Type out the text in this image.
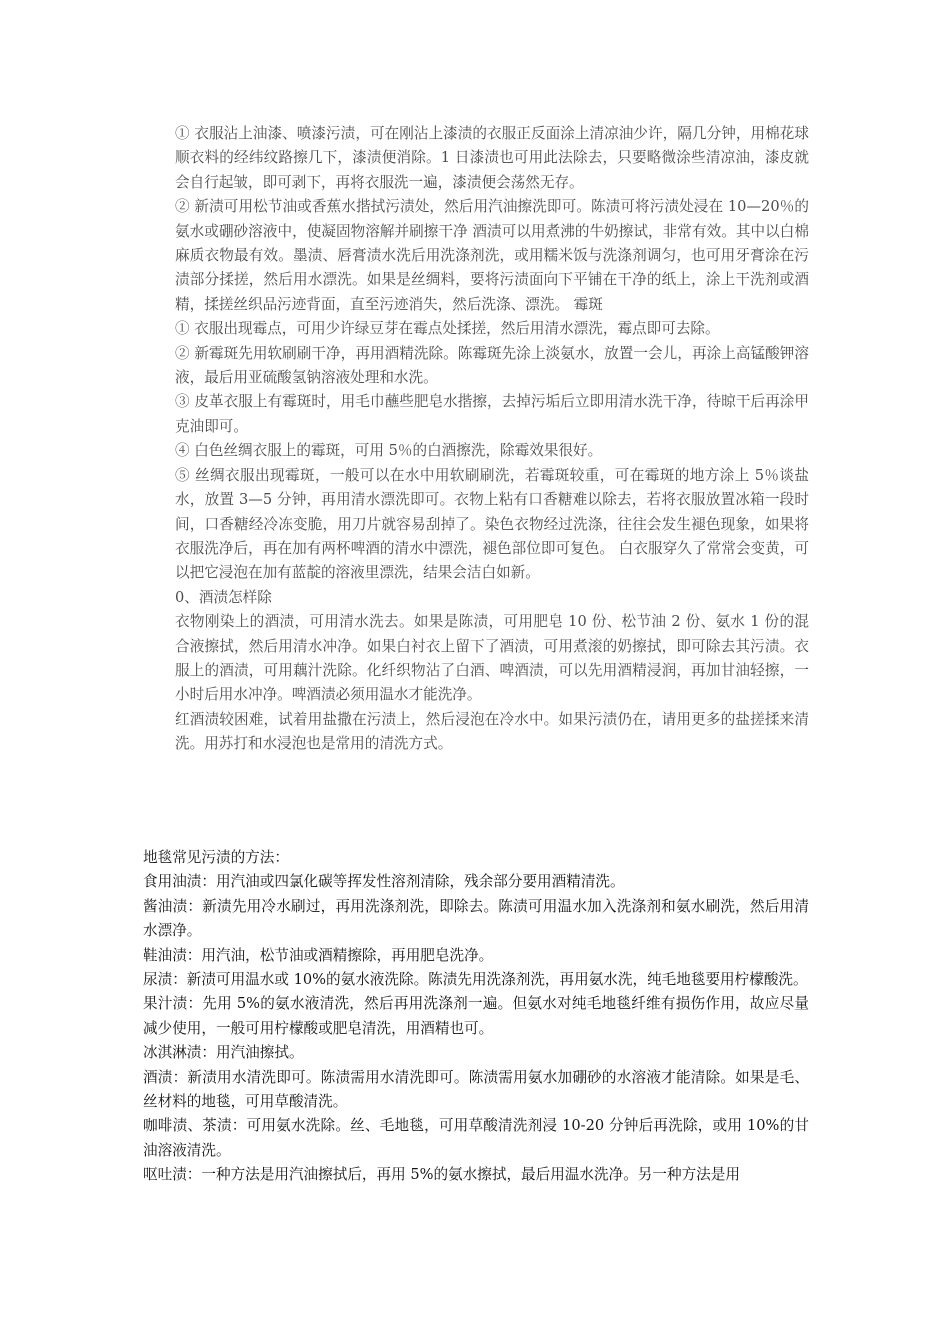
① 衣服沾上油漆、喷漆污渍，可在刚沾上漆渍的衣服正反面涂上清凉油少许，隔几分钟，用棉花球顺衣料的经纬纹路擦几下，漆渍便消除。1 日漆渍也可用此法除去，只要略微涂些清凉油，漆皮就会自行起皱，即可剥下，再将衣服洗一遍，漆渍便会荡然无存。

② 新渍可用松节油或香蕉水揩拭污渍处，然后用汽油擦洗即可。陈渍可将污渍处浸在 10—20％的氨水或硼砂溶液中，使凝固物溶解并刷擦干净 酒渍可以用煮沸的牛奶擦试，非常有效。其中以白棉麻质衣物最有效。墨渍、唇膏渍水洗后用洗涤剂洗，或用糯米饭与洗涤剂调匀，也可用牙膏涂在污渍部分揉搓，然后用水漂洗。如果是丝绸料，要将污渍面向下平铺在干净的纸上，涂上干洗剂或酒精，揉搓丝织品污迹背面，直至污迹消失，然后洗涤、漂洗。 霉斑

① 衣服出现霉点，可用少许绿豆芽在霉点处揉搓，然后用清水漂洗，霉点即可去除。

② 新霉斑先用软刷刷干净，再用酒精洗除。陈霉斑先涂上淡氨水，放置一会儿，再涂上高锰酸钾溶液，最后用亚硫酸氢钠溶液处理和水洗。

③ 皮革衣服上有霉斑时，用毛巾蘸些肥皂水揩擦，去掉污垢后立即用清水洗干净，待晾干后再涂甲克油即可。

④ 白色丝绸衣服上的霉斑，可用 5％的白酒擦洗，除霉效果很好。

⑤ 丝绸衣服出现霉斑，一般可以在水中用软刷刷洗，若霉斑较重，可在霉斑的地方涂上 5％谈盐水，放置 3—5 分钟，再用清水漂洗即可。衣物上粘有口香糖难以除去，若将衣服放置冰箱一段时间，口香糖经冷冻变脆，用刀片就容易刮掉了。染色衣物经过洗涤，往往会发生褪色现象，如果将衣服洗净后，再在加有两杯啤酒的清水中漂洗，褪色部位即可复色。 白衣服穿久了常常会变黄，可以把它浸泡在加有蓝靛的溶液里漂洗，结果会洁白如新。

0、酒渍怎样除

衣物刚染上的酒渍，可用清水洗去。如果是陈渍，可用肥皂 10 份、松节油 2 份、氨水 1 份的混合液擦拭，然后用清水冲净。如果白衬衣上留下了酒渍，可用煮滚的奶擦拭，即可除去其污渍。衣服上的酒渍，可用藕汁洗除。化纤织物沾了白酒、啤酒渍，可以先用酒精浸润，再加甘油轻擦，一小时后用水冲净。啤酒渍必须用温水才能洗净。

红酒渍较困难，试着用盐撒在污渍上，然后浸泡在冷水中。如果污渍仍在，请用更多的盐搓揉来清洗。用苏打和水浸泡也是常用的清洗方式。

地毯常见污渍的方法：

食用油渍：用汽油或四氯化碳等挥发性溶剂清除，残余部分要用酒精清洗。

酱油渍：新渍先用冷水刷过，再用洗涤剂洗，即除去。陈渍可用温水加入洗涤剂和氨水刷洗，然后用清水漂净。

鞋油渍：用汽油，松节油或酒精擦除，再用肥皂洗净。

尿渍：新渍可用温水或 10%的氨水液洗除。陈渍先用洗涤剂洗，再用氨水洗，纯毛地毯要用柠檬酸洗。

果汁渍：先用 5%的氨水液清洗，然后再用洗涤剂一遍。但氨水对纯毛地毯纤维有损伤作用，故应尽量减少使用，一般可用柠檬酸或肥皂清洗，用酒精也可。

冰淇淋渍：用汽油擦拭。

酒渍：新渍用水清洗即可。陈渍需用水清洗即可。陈渍需用氨水加硼砂的水溶液才能清除。如果是毛、丝材料的地毯，可用草酸清洗。

咖啡渍、茶渍：可用氨水洗除。丝、毛地毯，可用草酸清洗剂浸 10-20 分钟后再洗除，或用 10%的甘油溶液清洗。

呕吐渍：一种方法是用汽油擦拭后，再用 5%的氨水擦拭，最后用温水洗净。另一种方法是用
